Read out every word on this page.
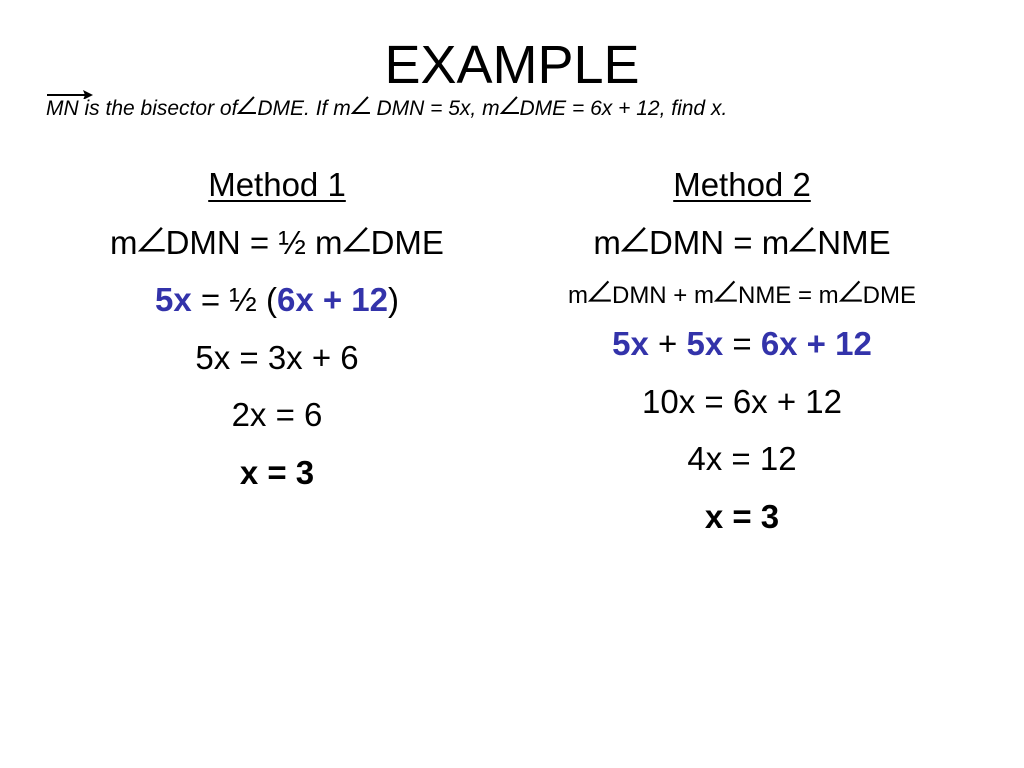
EXAMPLE
MN is the bisector of DME. If m DMN = 5x, m DME = 6x + 12, find x.
Method 1
m DMN = ½ m DME
5x = ½ (6x + 12)
5x = 3x + 6
2x = 6
x = 3
Method 2
m DMN = m NME
m DMN + m NME = m DME
5x + 5x = 6x + 12
10x = 6x + 12
4x = 12
x = 3
